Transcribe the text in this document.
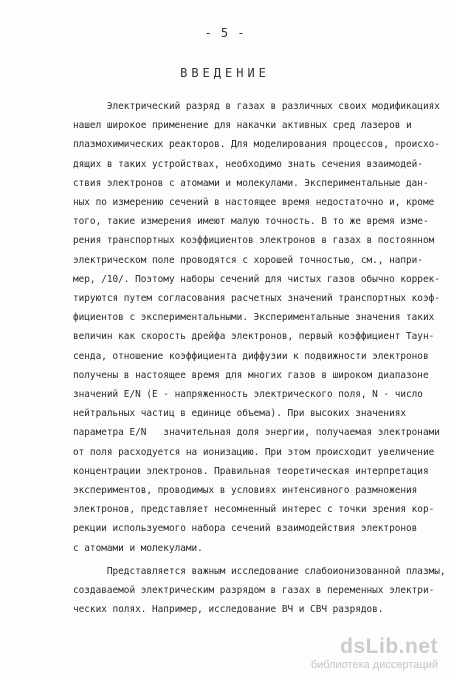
- 5 -
ВВЕДЕНИЕ
Электрический разряд в газах в различных своих модификациях
нашел широкое применение для накачки активных сред лазеров и
плазмохимических реакторов. Для моделирования процессов, происхо-
дящих в таких устройствах, необходимо знать сечения взаимодей-
ствия электронов с атомами и молекулами. Экспериментальные дан-
ных по измерению сечений в настоящее время недостаточно и, кроме
того, такие измерения имеют малую точность. В то же время изме-
рения транспортных коэффициентов электронов в газах в постоянном
электрическом поле проводятся с хорошей точностью, см., напри-
мер, /10/. Поэтому наборы сечений для чистых газов обычно коррек-
тируются путем согласования расчетных значений транспортных коэф-
фициентов с экспериментальными. Экспериментальные значения таких
величин как скорость дрейфа электронов, первый коэффициент Таун-
сенда, отношение коэффициента диффузии к подвижности электронов
получены в настоящее время для многих газов в широком диапазоне
значений E/N (E - напряженность электрического поля, N - число
нейтральных частиц в единице объема). При высоких значениях
параметра E/N   значительная доля энергии, получаемая электронами
от поля расходуется на ионизацию. При этом происходит увеличение
концентрации электронов. Правильная теоретическая интерпретация
экспериментов, проводимых в условиях интенсивного размножения
электронов, представляет несомненный интерес с точки зрения кор-
рекции используемого набора сечений взаимодействия электронов
с атомами и молекулами.
Представляется важным исследование слабоионизованной плазмы,
создаваемой электрическим разрядом в газах в переменных электри-
ческих полях. Например, исследование ВЧ и СВЧ разрядов.
dsLib.net
библиотека диссертаций
